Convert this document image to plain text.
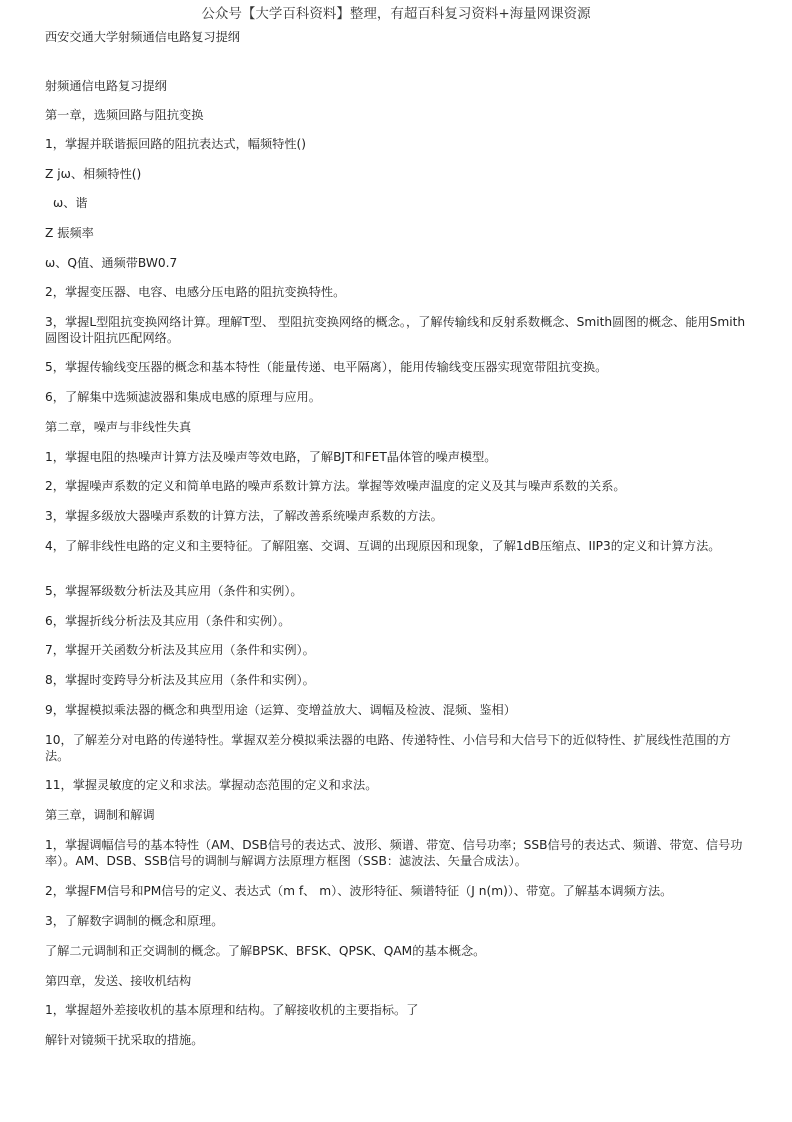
公众号【大学百科资料】整理，有超百科复习资料+海量网课资源
西安交通大学射频通信电路复习提纲
射频通信电路复习提纲
第一章，选频回路与阻抗变换
1，掌握并联谐振回路的阻抗表达式，幅频特性()
Z jω、相频特性()
ω、谐
Z 振频率
ω、Q值、通频带BW0.7
2，掌握变压器、电容、电感分压电路的阻抗变换特性。
3，掌握L型阻抗变换网络计算。理解T型、 型阻抗变换网络的概念。，了解传输线和反射系数概念、Smith圆图的概念、能用Smith圆图设计阻抗匹配网络。
5，掌握传输线变压器的概念和基本特性（能量传递、电平隔离），能用传输线变压器实现宽带阻抗变换。
6，了解集中选频滤波器和集成电感的原理与应用。
第二章，噪声与非线性失真
1，掌握电阻的热噪声计算方法及噪声等效电路，了解BJT和FET晶体管的噪声模型。
2，掌握噪声系数的定义和简单电路的噪声系数计算方法。掌握等效噪声温度的定义及其与噪声系数的关系。
3，掌握多级放大器噪声系数的计算方法，了解改善系统噪声系数的方法。
4，了解非线性电路的定义和主要特征。了解阻塞、交调、互调的出现原因和现象，了解1dB压缩点、IIP3的定义和计算方法。
5，掌握幂级数分析法及其应用（条件和实例）。
6，掌握折线分析法及其应用（条件和实例）。
7，掌握开关函数分析法及其应用（条件和实例）。
8，掌握时变跨导分析法及其应用（条件和实例）。
9，掌握模拟乘法器的概念和典型用途（运算、变增益放大、调幅及检波、混频、鉴相）
10，了解差分对电路的传递特性。掌握双差分模拟乘法器的电路、传递特性、小信号和大信号下的近似特性、扩展线性范围的方法。
11，掌握灵敏度的定义和求法。掌握动态范围的定义和求法。
第三章，调制和解调
1，掌握调幅信号的基本特性（AM、DSB信号的表达式、波形、频谱、带宽、信号功率；SSB信号的表达式、频谱、带宽、信号功率）。AM、DSB、SSB信号的调制与解调方法原理方框图（SSB：滤波法、矢量合成法）。
2，掌握FM信号和PM信号的定义、表达式（m f、 m）、波形特征、频谱特征（J n(m)）、带宽。了解基本调频方法。
3，了解数字调制的概念和原理。
了解二元调制和正交调制的概念。了解BPSK、BFSK、QPSK、QAM的基本概念。
第四章，发送、接收机结构
1，掌握超外差接收机的基本原理和结构。了解接收机的主要指标。了
解针对镜频干扰采取的措施。
